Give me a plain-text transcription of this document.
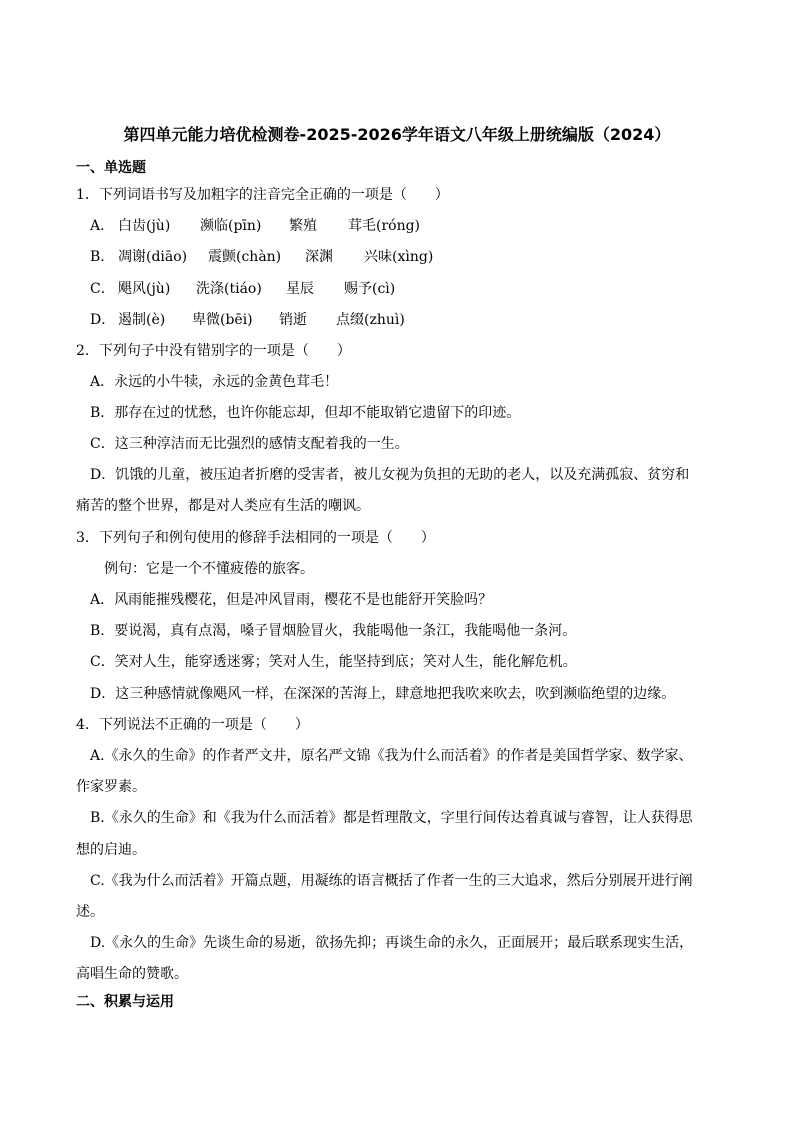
第四单元能力培优检测卷-2025-2026学年语文八年级上册统编版（2024）
一、单选题
1．下列词语书写及加粗字的注音完全正确的一项是（　　）
A． 白齿(jù) 濒临(pīn) 繁殖 茸毛(róng)
B． 凋谢(diāo) 震颤(chàn) 深渊 兴味(xìng)
C． 飓风(jù) 洗涤(tiáo) 星辰 赐予(cì)
D． 遏制(è) 卑微(bēi) 销逝 点缀(zhuì)
2．下列句子中没有错别字的一项是（　　）
A．永远的小牛犊，永远的金黄色茸毛！
B．那存在过的忧愁，也许你能忘却，但却不能取销它遗留下的印迹。
C．这三种淳洁而无比强烈的感情支配着我的一生。
D．饥饿的儿童，被压迫者折磨的受害者，被儿女视为负担的无助的老人，以及充满孤寂、贫穷和
痛苦的整个世界，都是对人类应有生活的嘲讽。
3．下列句子和例句使用的修辞手法相同的一项是（　　）
例句：它是一个不懂疲倦的旅客。
A．风雨能摧残樱花，但是冲风冒雨，樱花不是也能舒开笑脸吗？
B．要说渴，真有点渴，嗓子冒烟脸冒火，我能喝他一条江，我能喝他一条河。
C．笑对人生，能穿透迷雾；笑对人生，能坚持到底；笑对人生，能化解危机。
D．这三种感情就像飓风一样，在深深的苦海上，肆意地把我吹来吹去，吹到濒临绝望的边缘。
4．下列说法不正确的一项是（　　）
A.《永久的生命》的作者严文井，原名严文锦《我为什么而活着》的作者是美国哲学家、数学家、
作家罗素。
B.《永久的生命》和《我为什么而活着》都是哲理散文，字里行间传达着真诚与睿智，让人获得思
想的启迪。
C.《我为什么而活着》开篇点题，用凝练的语言概括了作者一生的三大追求，然后分别展开进行阐
述。
D.《永久的生命》先谈生命的易逝，欲扬先抑；再谈生命的永久，正面展开；最后联系现实生活，
高唱生命的赞歌。
二、积累与运用
